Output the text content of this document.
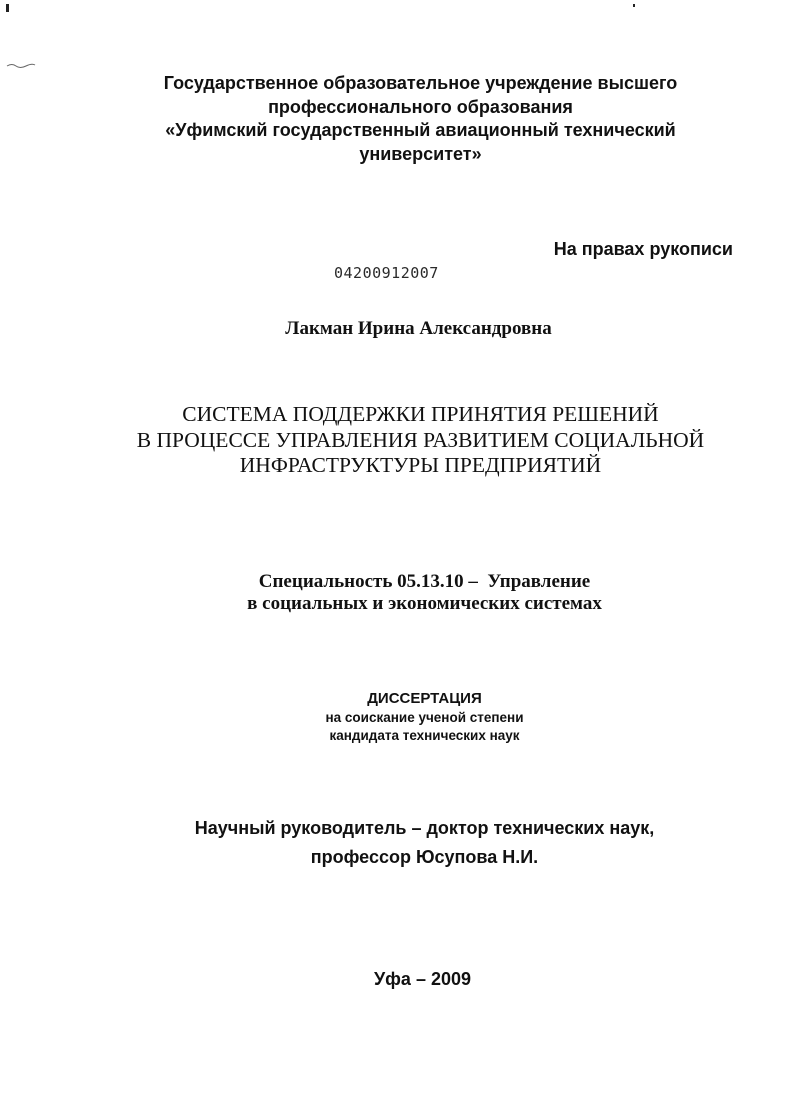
Государственное образовательное учреждение высшего
профессионального образования
«Уфимский государственный авиационный технический
университет»
На правах рукописи
04200912007
Лакман Ирина Александровна
СИСТЕМА ПОДДЕРЖКИ ПРИНЯТИЯ РЕШЕНИЙ
В ПРОЦЕССЕ УПРАВЛЕНИЯ РАЗВИТИЕМ СОЦИАЛЬНОЙ
ИНФРАСТРУКТУРЫ ПРЕДПРИЯТИЙ
Специальность 05.13.10 –  Управление
в социальных и экономических системах
ДИССЕРТАЦИЯ
на соискание ученой степени
кандидата технических наук
Научный руководитель – доктор технических наук,
профессор Юсупова Н.И.
Уфа – 2009
